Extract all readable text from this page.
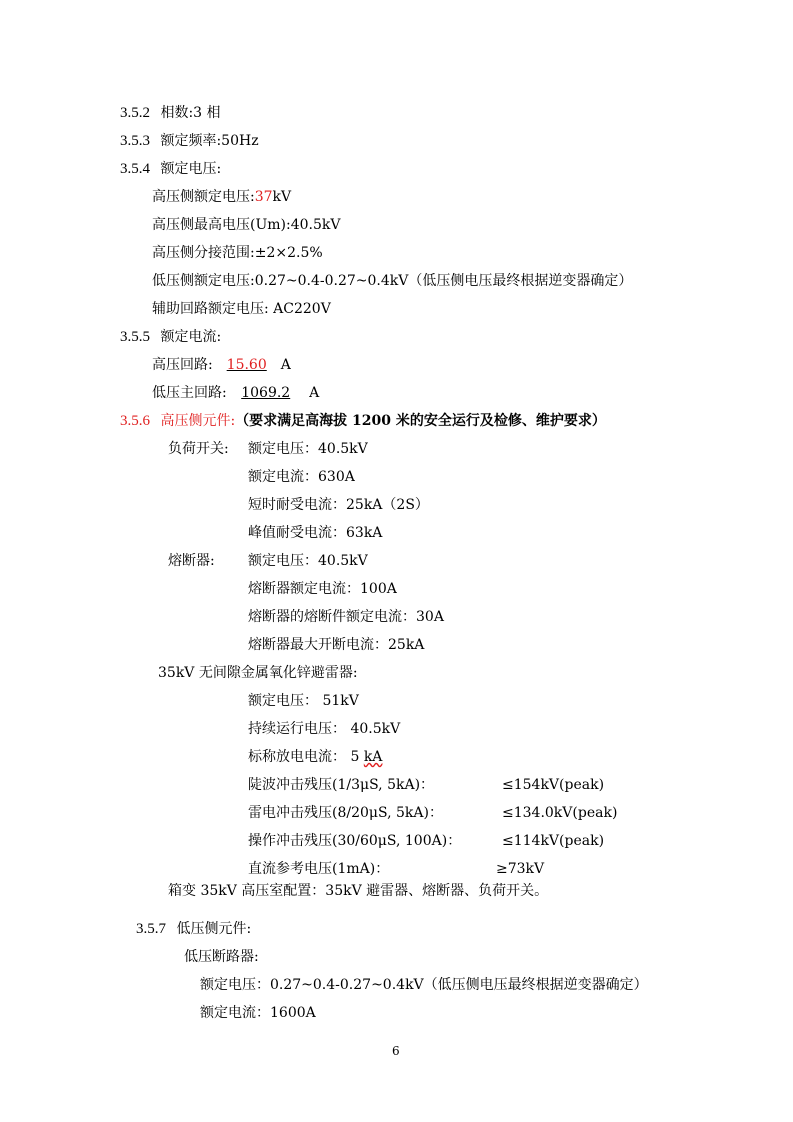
3.5.2 相数:3 相
3.5.3 额定频率:50Hz
3.5.4 额定电压:
高压侧额定电压:37kV
高压侧最高电压(Um):40.5kV
高压侧分接范围:±2×2.5%
低压侧额定电压:0.27~0.4-0.27~0.4kV（低压侧电压最终根据逆变器确定）
辅助回路额定电压: AC220V
3.5.5 额定电流:
高压回路: 15.60 A
低压主回路: 1069.2 A
3.5.6 高压侧元件:（要求满足高海拔 1200 米的安全运行及检修、维护要求）
负荷开关: 额定电压：40.5kV
额定电流：630A
短时耐受电流：25kA（2S）
峰值耐受电流：63kA
熔断器: 额定电压：40.5kV
熔断器额定电流：100A
熔断器的熔断件额定电流：30A
熔断器最大开断电流：25kA
35kV 无间隙金属氧化锌避雷器:
额定电压： 51kV
持续运行电压： 40.5kV
标称放电电流： 5 kA
陡波冲击残压(1/3μS, 5kA)：	≤154kV(peak)
雷电冲击残压(8/20μS, 5kA)：	≤134.0kV(peak)
操作冲击残压(30/60μS, 100A)：	≤114kV(peak)
直流参考电压(1mA)：	≥73kV
箱变 35kV 高压室配置：35kV 避雷器、熔断器、负荷开关。
3.5.7 低压侧元件:
低压断路器:
额定电压：0.27~0.4-0.27~0.4kV（低压侧电压最终根据逆变器确定）
额定电流：1600A
6
